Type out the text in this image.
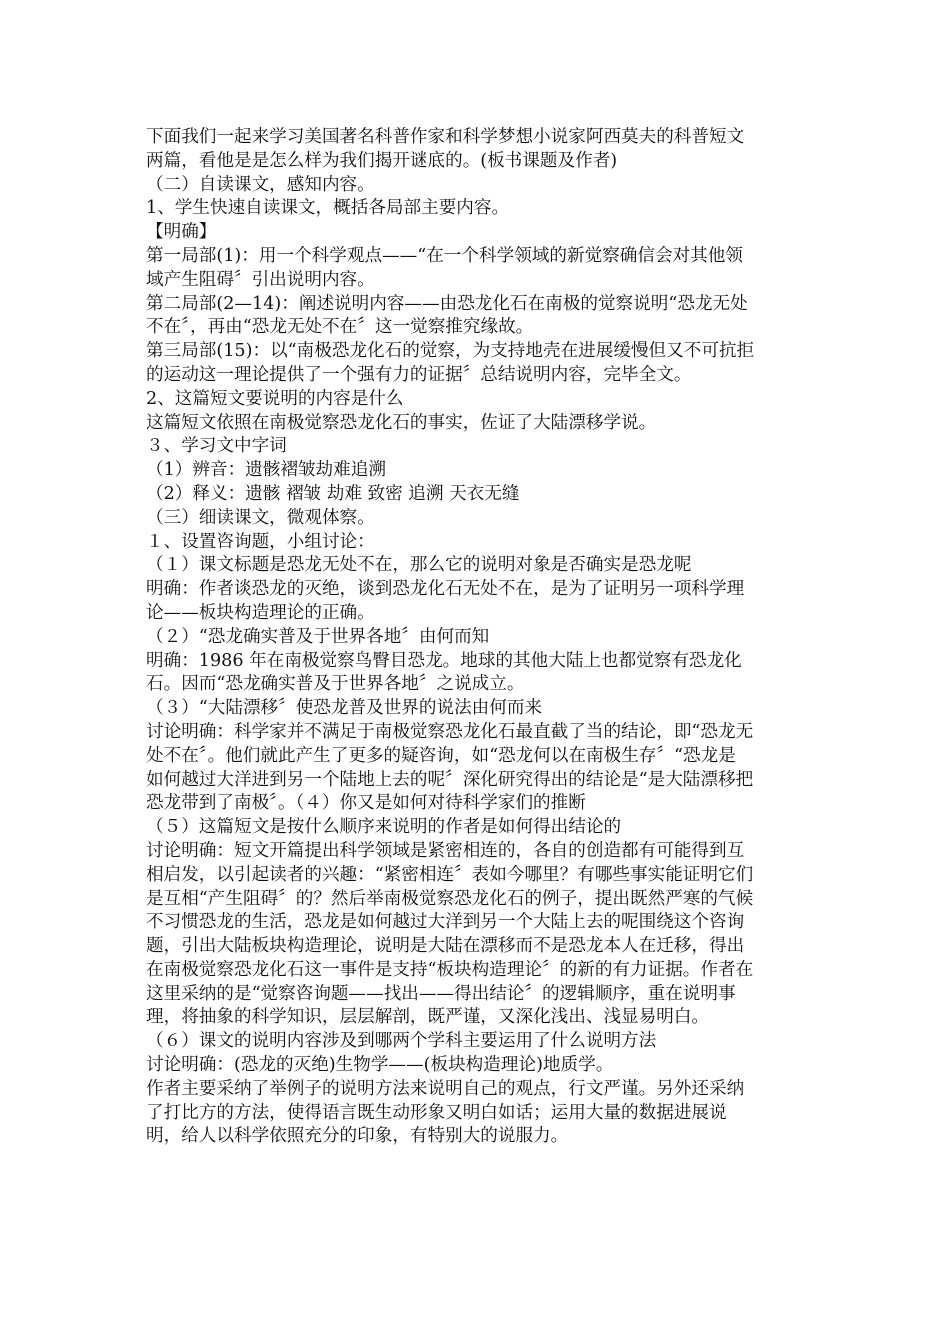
下面我们一起来学习美国著名科普作家和科学梦想小说家阿西莫夫的科普短文
两篇，看他是是怎么样为我们揭开谜底的。(板书课题及作者)
（二）自读课文，感知内容。
1、学生快速自读课文，概括各局部主要内容。
【明确】
第一局部(1)：用一个科学观点——“在一个科学领域的新觉察确信会对其他领
域产生阻碍〞引出说明内容。
第二局部(2—14)：阐述说明内容——由恐龙化石在南极的觉察说明“恐龙无处
不在〞，再由“恐龙无处不在〞这一觉察推究缘故。
第三局部(15)：以“南极恐龙化石的觉察，为支持地壳在进展缓慢但又不可抗拒
的运动这一理论提供了一个强有力的证据〞总结说明内容，完毕全文。
2、这篇短文要说明的内容是什么
这篇短文依照在南极觉察恐龙化石的事实，佐证了大陆漂移学说。
３、学习文中字词
（1）辨音：遗骸褶皱劫难追溯
（2）释义：遗骸 褶皱 劫难 致密 追溯 天衣无缝
（三）细读课文，微观体察。
１、设置咨询题，小组讨论：
（１）课文标题是恐龙无处不在，那么它的说明对象是否确实是恐龙呢
明确：作者谈恐龙的灭绝，谈到恐龙化石无处不在，是为了证明另一项科学理
论——板块构造理论的正确。
（２）“恐龙确实普及于世界各地〞由何而知
明确：1986 年在南极觉察鸟臀目恐龙。地球的其他大陆上也都觉察有恐龙化
石。因而“恐龙确实普及于世界各地〞之说成立。
（３）“大陆漂移〞使恐龙普及世界的说法由何而来
讨论明确：科学家并不满足于南极觉察恐龙化石最直截了当的结论，即“恐龙无
处不在〞。他们就此产生了更多的疑咨询，如“恐龙何以在南极生存〞“恐龙是
如何越过大洋进到另一个陆地上去的呢〞深化研究得出的结论是“是大陆漂移把
恐龙带到了南极〞。（４）你又是如何对待科学家们的推断
（５）这篇短文是按什么顺序来说明的作者是如何得出结论的
讨论明确：短文开篇提出科学领域是紧密相连的，各自的创造都有可能得到互
相启发，以引起读者的兴趣：“紧密相连〞表如今哪里？有哪些事实能证明它们
是互相“产生阻碍〞的？然后举南极觉察恐龙化石的例子，提出既然严寒的气候
不习惯恐龙的生活，恐龙是如何越过大洋到另一个大陆上去的呢围绕这个咨询
题，引出大陆板块构造理论，说明是大陆在漂移而不是恐龙本人在迁移，得出
在南极觉察恐龙化石这一事件是支持“板块构造理论〞的新的有力证据。作者在
这里采纳的是“觉察咨询题——找出——得出结论〞的逻辑顺序，重在说明事
理，将抽象的科学知识，层层解剖，既严谨，又深化浅出、浅显易明白。
（６）课文的说明内容涉及到哪两个学科主要运用了什么说明方法
讨论明确：(恐龙的灭绝)生物学——(板块构造理论)地质学。
作者主要采纳了举例子的说明方法来说明自己的观点，行文严谨。另外还采纳
了打比方的方法，使得语言既生动形象又明白如话；运用大量的数据进展说
明，给人以科学依照充分的印象，有特别大的说服力。
